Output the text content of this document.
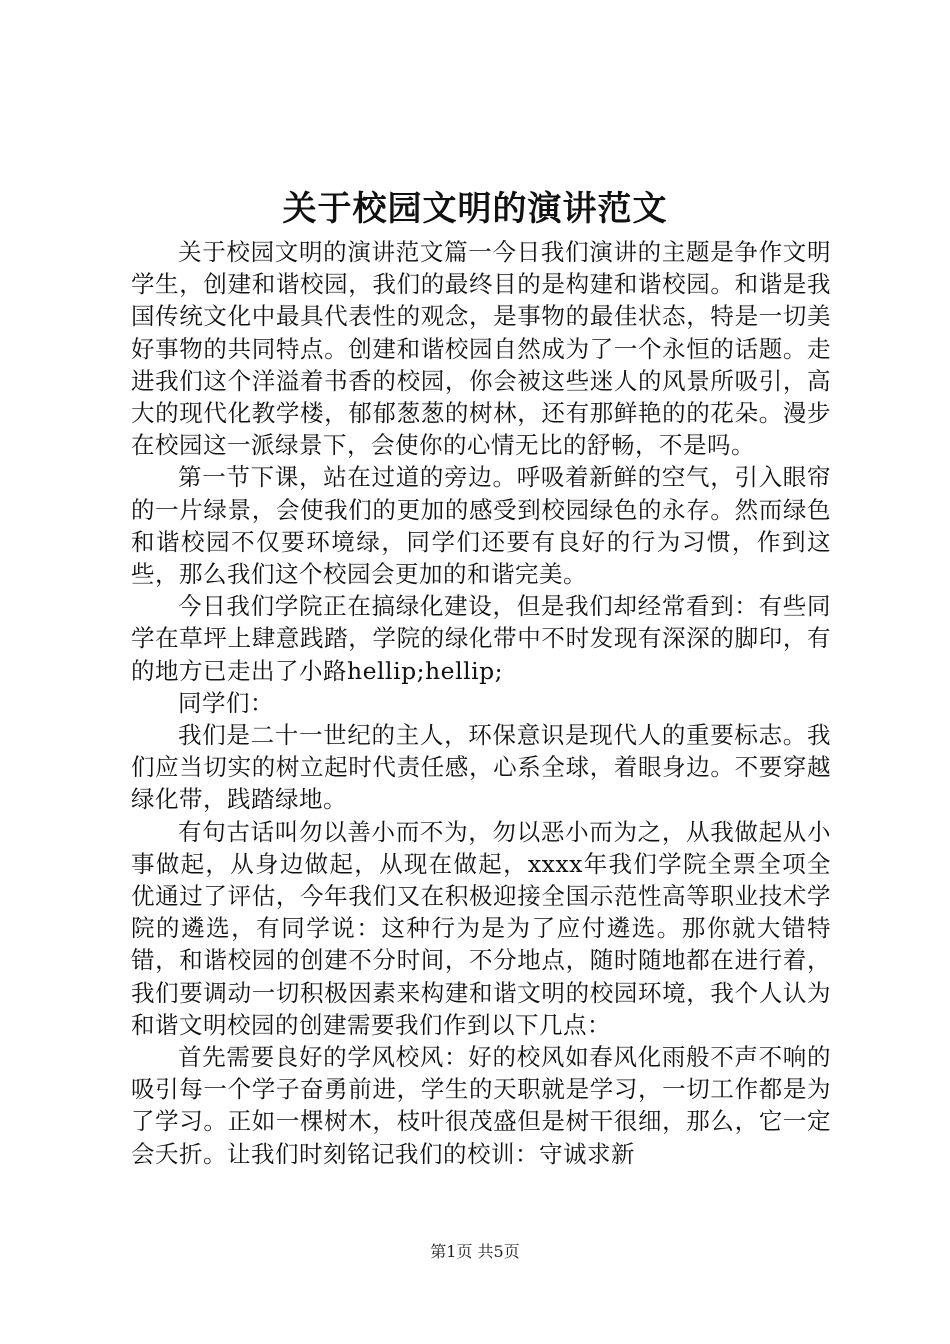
关于校园文明的演讲范文

关于校园文明的演讲范文篇一今日我们演讲的主题是争作文明学生，创建和谐校园，我们的最终目的是构建和谐校园。和谐是我国传统文化中最具代表性的观念，是事物的最佳状态，特是一切美好事物的共同特点。创建和谐校园自然成为了一个永恒的话题。走进我们这个洋溢着书香的校园，你会被这些迷人的风景所吸引，高大的现代化教学楼，郁郁葱葱的树林，还有那鲜艳的的花朵。漫步在校园这一派绿景下，会使你的心情无比的舒畅，不是吗。

第一节下课，站在过道的旁边。呼吸着新鲜的空气，引入眼帘的一片绿景，会使我们的更加的感受到校园绿色的永存。然而绿色和谐校园不仅要环境绿，同学们还要有良好的行为习惯，作到这些，那么我们这个校园会更加的和谐完美。

今日我们学院正在搞绿化建设，但是我们却经常看到：有些同学在草坪上肆意践踏，学院的绿化带中不时发现有深深的脚印，有的地方已走出了小路hellip;hellip;

同学们：

我们是二十一世纪的主人，环保意识是现代人的重要标志。我们应当切实的树立起时代责任感，心系全球，着眼身边。不要穿越绿化带，践踏绿地。

有句古话叫勿以善小而不为，勿以恶小而为之，从我做起从小事做起，从身边做起，从现在做起，xxxx年我们学院全票全项全优通过了评估，今年我们又在积极迎接全国示范性高等职业技术学院的遴选，有同学说：这种行为是为了应付遴选。那你就大错特错，和谐校园的创建不分时间，不分地点，随时随地都在进行着，我们要调动一切积极因素来构建和谐文明的校园环境，我个人认为和谐文明校园的创建需要我们作到以下几点：

首先需要良好的学风校风：好的校风如春风化雨般不声不响的吸引每一个学子奋勇前进，学生的天职就是学习，一切工作都是为了学习。正如一棵树木，枝叶很茂盛但是树干很细，那么，它一定会夭折。让我们时刻铭记我们的校训：守诚求新

第1页 共5页
